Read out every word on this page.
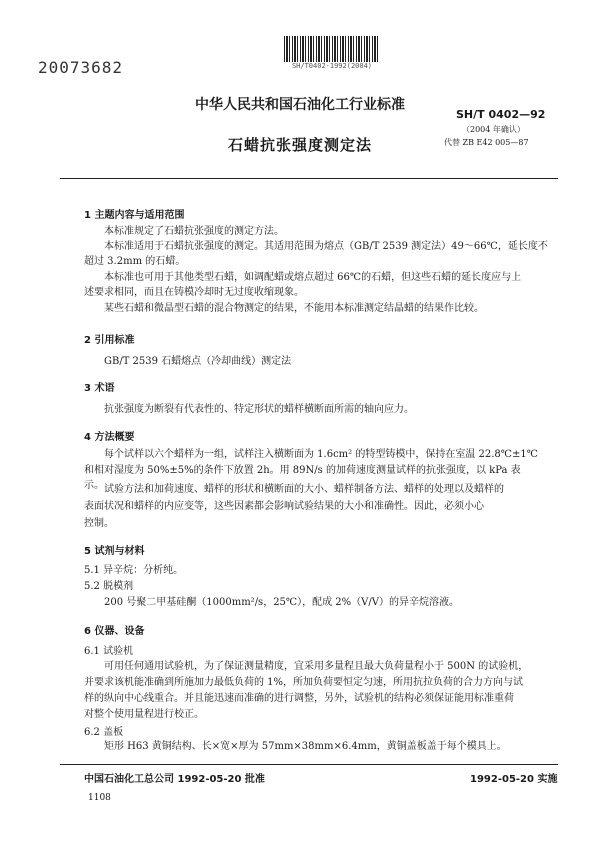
SH/T0402-1992(2004)
20073682
中华人民共和国石油化工行业标准
SH/T 0402—92
（2004 年确认）
石蜡抗张强度测定法	代替 ZB E42 005—87
1 主题内容与适用范围
本标准规定了石蜡抗张强度的测定方法。
本标准适用于石蜡抗张强度的测定。其适用范围为熔点（GB/T 2539 测定法）49～66℃，延长度不
超过 3.2mm 的石蜡。
本标准也可用于其他类型石蜡，如调配蜡或熔点超过 66℃的石蜡，但这些石蜡的延长度应与上
述要求相同，而且在铸模冷却时无过度收缩现象。
某些石蜡和微晶型石蜡的混合物测定的结果，不能用本标准测定结晶蜡的结果作比较。
2 引用标准
GB/T 2539 石蜡熔点（冷却曲线）测定法
3 术语
抗张强度为断裂有代表性的、特定形状的蜡样横断面所需的轴向应力。
4 方法概要
每个试样以六个蜡样为一组，试样注入横断面为 1.6cm² 的特型铸模中，保持在室温 22.8℃±1℃
和相对湿度为 50%±5%的条件下放置 2h。用 89N/s 的加荷速度测量试样的抗张强度，以 kPa 表示。 试验方法和加荷速度、蜡样的形状和横断面的大小、蜡样制备方法、蜡样的处理以及蜡样的
表面状况和蜡样的内应变等，这些因素都会影响试验结果的大小和准确性。因此，必须小心
控制。
5 试剂与材料
5.1 异辛烷：分析纯。
5.2 脱模剂
200 号聚二甲基硅酮（1000mm²/s，25℃），配成 2%（V/V）的异辛烷溶液。
6 仪器、设备
6.1 试验机
可用任何通用试验机，为了保证测量精度，宜采用多量程且最大负荷量程小于 500N 的试验机，
并要求该机能准确到所施加力最低负荷的 1%，所加负荷要恒定匀速，所用抗拉负荷的合力方向与试
样的纵向中心线重合。并且能迅速而准确的进行调整，另外，试验机的结构必须保证能用标准重荷
对整个使用量程进行校正。
6.2 盖板
矩形 H63 黄铜结构、长×宽×厚为 57mm×38mm×6.4mm，黄铜盖板盖于每个模具上。
中国石油化工总公司 1992-05-20 批准	1992-05-20 实施
1108
